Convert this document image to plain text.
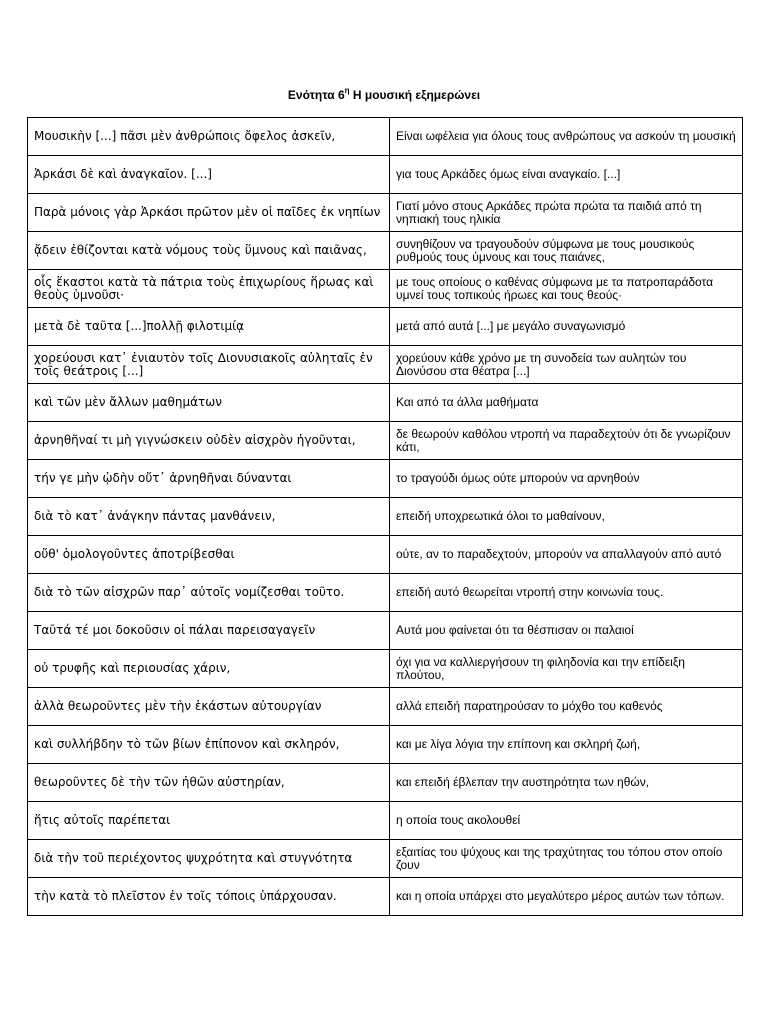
Ενότητα $6^\eta$ Η μουσική εξημερώνει
Μουσικὴν [...] πᾶσι μὲν ἀνθρώποις ὄφελος ἀσκεῖν,	Είναι ωφέλεια για όλους τους ανθρώπους να ασκούν τη μουσική
Ἀρκάσι δὲ καὶ ἀναγκαῖον. [...]	για τους Αρκάδες όμως είναι αναγκαίο. [...]
Παρὰ μόνοις γὰρ Ἀρκάσι πρῶτον μὲν οἱ παῖδες ἐκ νηπίων	Γιατί μόνο στους Αρκάδες πρώτα πρώτα τα παιδιά από τη νηπιακή τους ηλικία
ᾄδειν ἐθίζονται κατὰ νόμους τοὺς ὕμνους καὶ παιᾶνας,	συνηθίζουν να τραγουδούν σύμφωνα με τους μουσικούς ρυθμούς τους ύμνους και τους παιάνες,
οἷς ἕκαστοι κατὰ τὰ πάτρια τοὺς ἐπιχωρίους ἥρωας καὶ θεοὺς ὑμνοῦσι·	με τους οποίους ο καθένας σύμφωνα με τα πατροπαράδοτα υμνεί τους τοπικούς ήρωες και τους θεούς·
μετὰ δὲ ταῦτα [...]πολλῇ φιλοτιμίᾳ	μετά από αυτά [...] με μεγάλο συναγωνισμό
χορεύουσι κατ᾽ ἐνιαυτὸν τοῖς Διονυσιακοῖς αὐληταῖς ἐν τοῖς θεάτροις [...]	χορεύουν κάθε χρόνο με τη συνοδεία των αυλητών του Διονύσου στα θέατρα [...]
καὶ τῶν μὲν ἄλλων μαθημάτων	Και από τα άλλα μαθήματα
ἀρνηθῆναί τι μὴ γιγνώσκειν οὐδὲν αἰσχρὸν ἡγοῦνται,	δε θεωρούν καθόλου ντροπή να παραδεχτούν ότι δε γνωρίζουν κάτι,
τήν γε μὴν ᾠδὴν οὔτ᾽ ἀρνηθῆναι δύνανται	το τραγούδι όμως ούτε μπορούν να αρνηθούν
διὰ τὸ κατ᾽ ἀνάγκην πάντας μανθάνειν,	επειδή υποχρεωτικά όλοι το μαθαίνουν,
οὔθ' ὁμολογοῦντες ἀποτρίβεσθαι	ούτε, αν το παραδεχτούν, μπορούν να απαλλαγούν από αυτό
διὰ τὸ τῶν αἰσχρῶν παρ᾽ αὐτοῖς νομίζεσθαι τοῦτο.	επειδή αυτό θεωρείται ντροπή στην κοινωνία τους.
Ταῦτά τέ μοι δοκοῦσιν οἱ πάλαι παρεισαγαγεῖν	Αυτά μου φαίνεται ότι τα θέσπισαν οι παλαιοί
οὐ τρυφῆς καὶ περιουσίας χάριν,	όχι για να καλλιεργήσουν τη φιληδονία και την επίδειξη πλούτου,
ἀλλὰ θεωροῦντες μὲν τὴν ἑκάστων αὐτουργίαν	αλλά επειδή παρατηρούσαν το μόχθο του καθενός
καὶ συλλήβδην τὸ τῶν βίων ἐπίπονον καὶ σκληρόν,	και με λίγα λόγια την επίπονη και σκληρή ζωή,
θεωροῦντες δὲ τὴν τῶν ἠθῶν αὐστηρίαν,	και επειδή έβλεπαν την αυστηρότητα των ηθών,
ἥτις αὐτοῖς παρέπεται	η οποία τους ακολουθεί
διὰ τὴν τοῦ περιέχοντος ψυχρότητα καὶ στυγνότητα	εξαιτίας του ψύχους και της τραχύτητας του τόπου στον οποίο ζουν
τὴν κατὰ τὸ πλεῖστον ἐν τοῖς τόποις ὑπάρχουσαν.	και η οποία υπάρχει στο μεγαλύτερο μέρος αυτών των τόπων.
